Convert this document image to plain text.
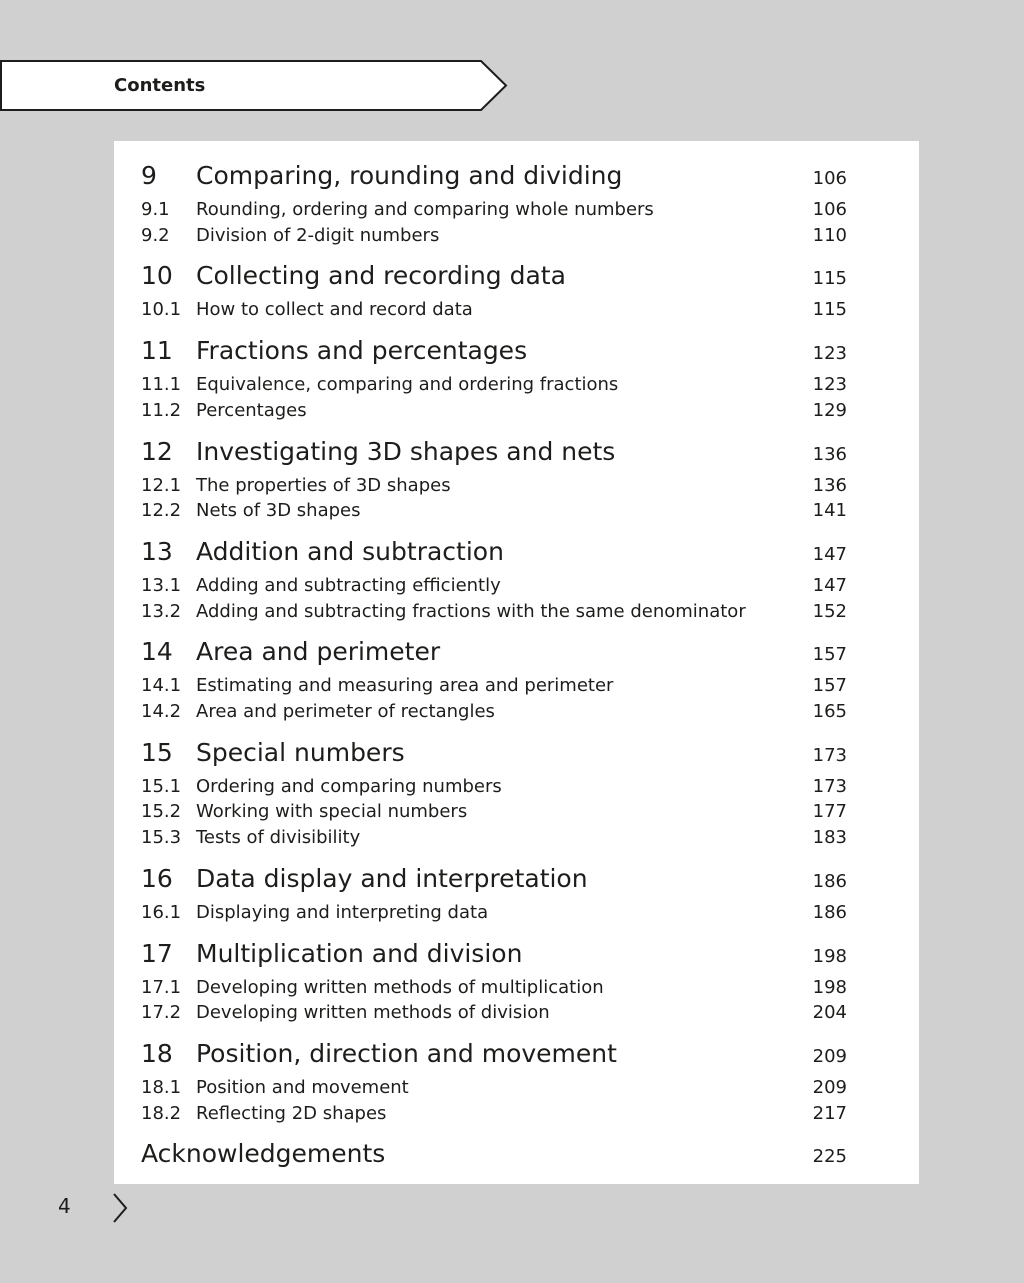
Contents
9	Comparing, rounding and dividing	106
9.1	Rounding, ordering and comparing whole numbers	106
9.2	Division of 2-digit numbers	110
10 Collecting and recording data	115
10.1 How to collect and record data	115
11 Fractions and percentages	123
11.1 Equivalence, comparing and ordering fractions	123
11.2 Percentages	129
12 Investigating 3D shapes and nets	136
12.1 The properties of 3D shapes	136
12.2 Nets of 3D shapes	141
13 Addition and subtraction	147
13.1 Adding and subtracting efficiently	147
13.2 Adding and subtracting fractions with the same denominator	152
14 Area and perimeter	157
14.1 Estimating and measuring area and perimeter	157
14.2 Area and perimeter of rectangles	165
15 Special numbers	173
15.1 Ordering and comparing numbers	173
15.2 Working with special numbers	177
15.3 Tests of divisibility	183
16 Data display and interpretation	186
16.1 Displaying and interpreting data	186
17 Multiplication and division	198
17.1 Developing written methods of multiplication	198
17.2 Developing written methods of division	204
18 Position, direction and movement	209
18.1 Position and movement	209
18.2 Reflecting 2D shapes	217
Acknowledgements	225
4
